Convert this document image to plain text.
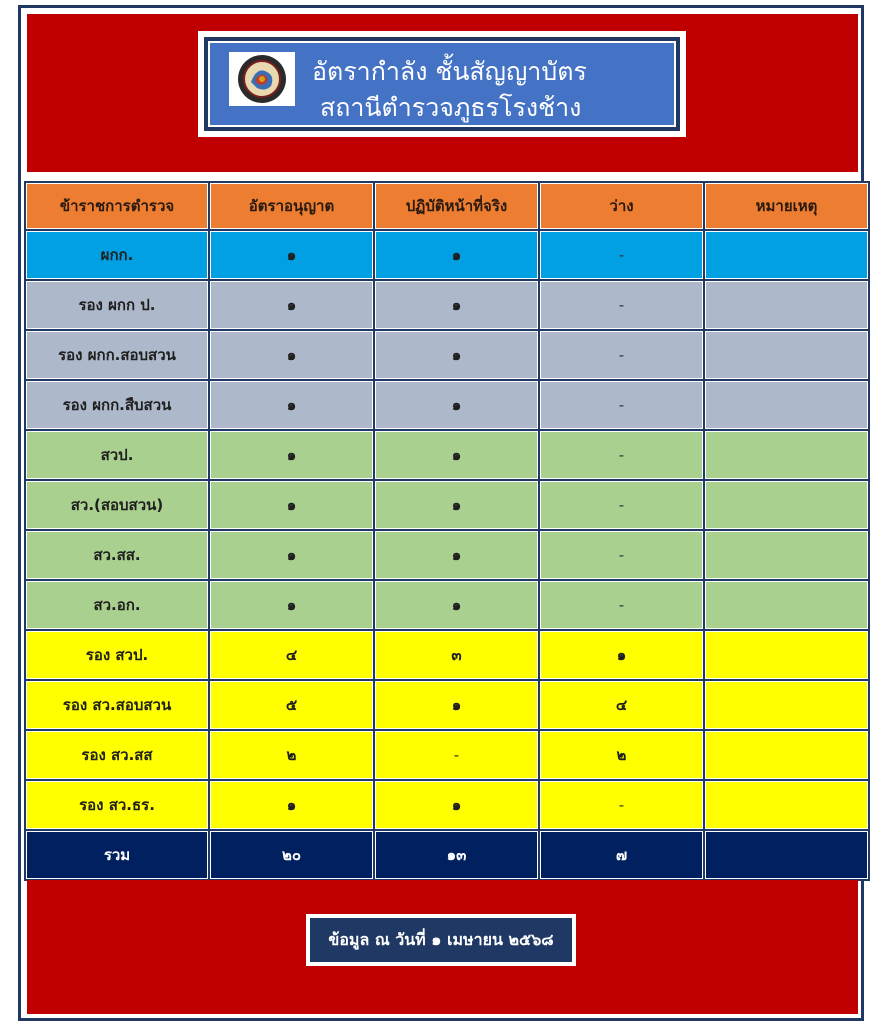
อัตรากำลัง ชั้นสัญญาบัตร
สถานีตำรวจภูธรโรงช้าง
ข้าราชการตำรวจ	อัตราอนุญาต	ปฏิบัติหน้าที่จริง	ว่าง	หมายเหตุ
ผกก.	๑	๑	-	
รอง ผกก ป.	๑	๑	-	
รอง ผกก.สอบสวน	๑	๑	-	
รอง ผกก.สืบสวน	๑	๑	-	
สวป.	๑	๑	-	
สว.(สอบสวน)	๑	๑	-	
สว.สส.	๑	๑	-	
สว.อก.	๑	๑	-	
รอง สวป.	๔	๓	๑	
รอง สว.สอบสวน	๕	๑	๔	
รอง สว.สส	๒	-	๒	
รอง สว.ธร.	๑	๑	-	
รวม	๒๐	๑๓	๗	
ข้อมูล ณ วันที่ ๑ เมษายน ๒๕๖๘
